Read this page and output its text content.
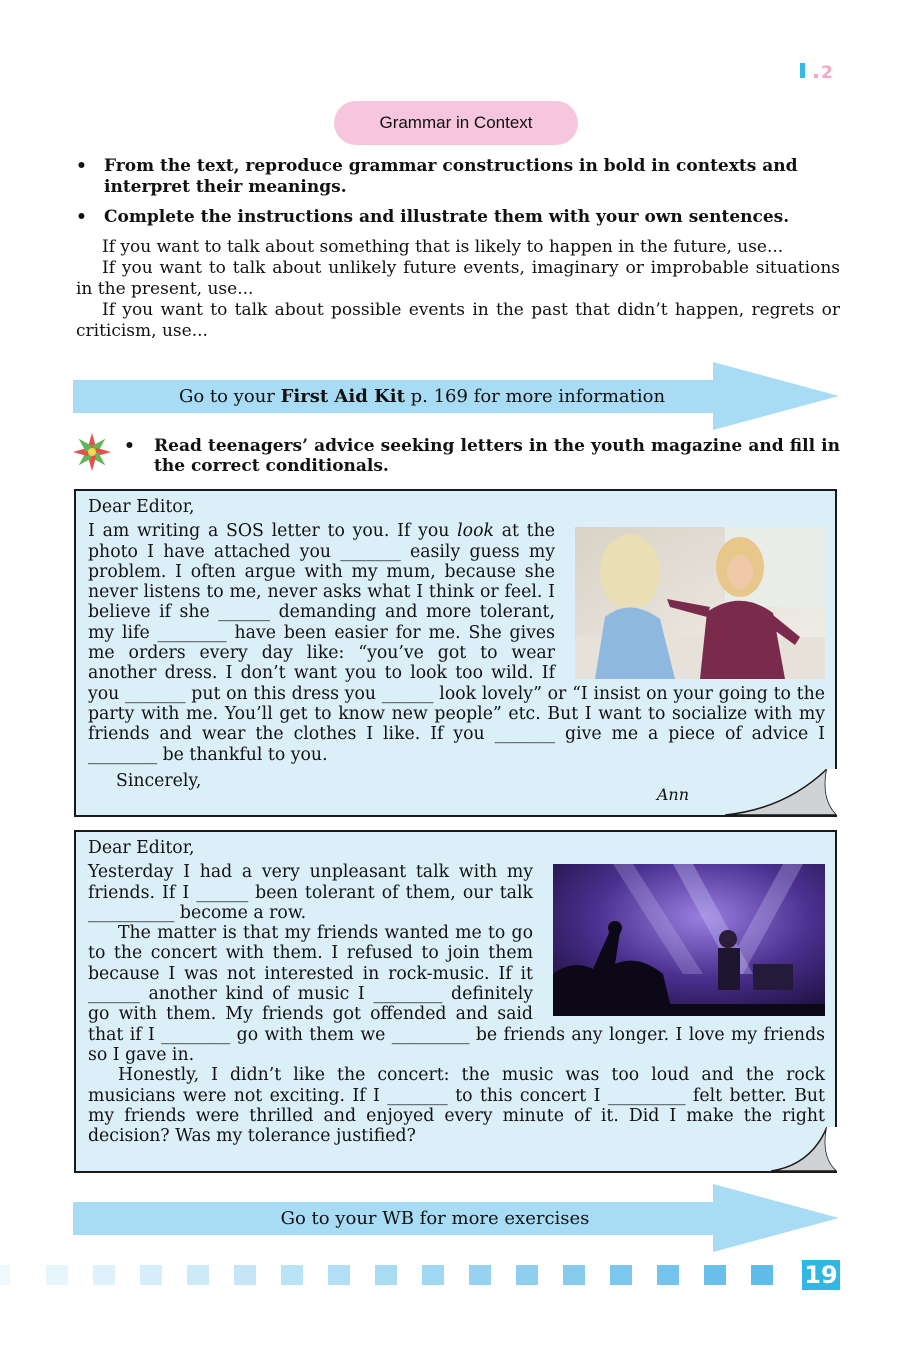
2
Grammar in Context
• From the text, reproduce grammar constructions in bold in contexts and interpret their meanings.
• Complete the instructions and illustrate them with your own sentences.

If you want to talk about something that is likely to happen in the future, use...

If you want to talk about unlikely future events, imaginary or improbable situations in the present, use...

If you want to talk about possible events in the past that didn’t happen, regrets or criticism, use...

Go to your First Aid Kit p. 169 for more information
• Read teenagers’ advice seeking letters in the youth magazine and fill in the correct conditionals.

Dear Editor,

I am writing a SOS letter to you. If you look at the photo I have attached you _______ easily guess my problem. I often argue with my mum, because she never listens to me, never asks what I think or feel. I believe if she ______ demanding and more tolerant, my life ________ have been easier for me. She gives me orders every day like: “you’ve got to wear another dress. I don’t want you to look too wild. If you _______ put on this dress you ______ look lovely” or “I insist on your going to the party with me. You’ll get to know new people” etc. But I want to socialize with my friends and wear the clothes I like. If you _______ give me a piece of advice I ________ be thankful to you.

Sincerely,

Ann

Dear Editor,

Yesterday I had a very unpleasant talk with my friends. If I ______ been tolerant of them, our talk __________ become a row.

The matter is that my friends wanted me to go to the concert with them. I refused to join them because I was not interested in rock-music. If it ______ another kind of music I ________ definitely go with them. My friends got offended and said that if I ________ go with them we _________ be friends any longer. I love my friends so I gave in.

Honestly, I didn’t like the concert: the music was too loud and the rock musicians were not exciting. If I _______ to this concert I _________ felt better. But my friends were thrilled and enjoyed every minute of it. Did I make the right decision? Was my tolerance justified?

Go to your WB for more exercises
19
